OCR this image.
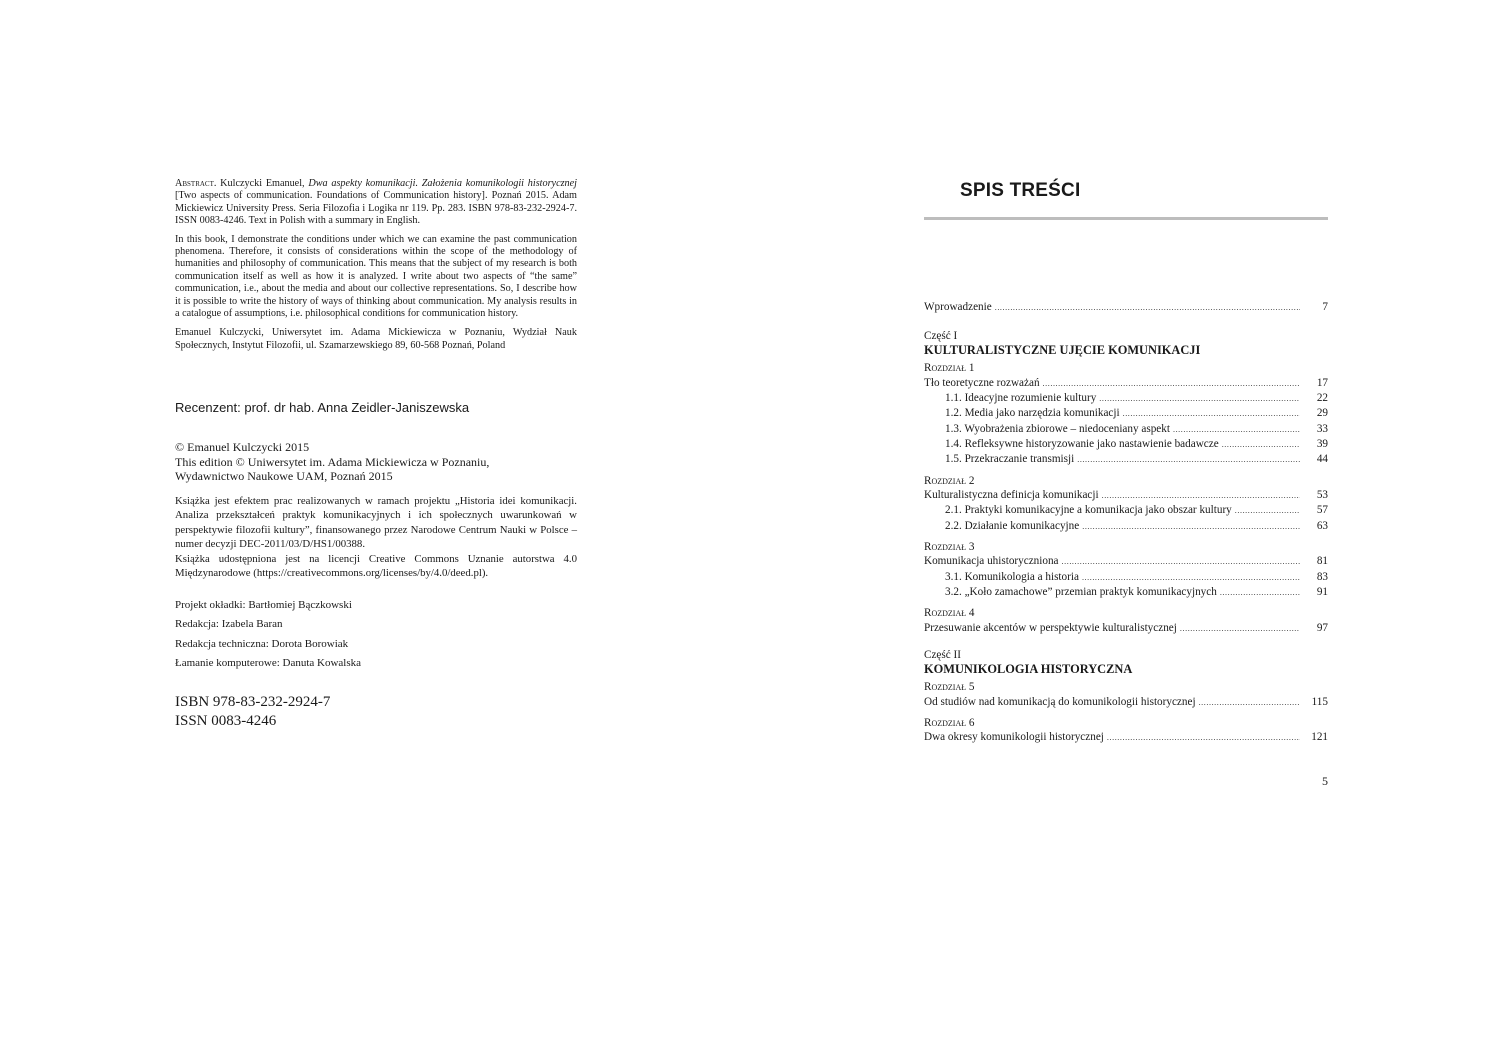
Abstract. Kulczycki Emanuel, Dwa aspekty komunikacji. Założenia komunikologii historycznej [Two aspects of communication. Foundations of Communication history]. Poznań 2015. Adam Mickiewicz University Press. Seria Filozofia i Logika nr 119. Pp. 283. ISBN 978-83-232-2924-7. ISSN 0083-4246. Text in Polish with a summary in English.

In this book, I demonstrate the conditions under which we can examine the past communication phenomena. Therefore, it consists of considerations within the scope of the methodology of humanities and philosophy of communication. This means that the subject of my research is both communication itself as well as how it is analyzed. I write about two aspects of “the same” communication, i.e., about the media and about our collective representations. So, I describe how it is possible to write the history of ways of thinking about communication. My analysis results in a catalogue of assumptions, i.e. philosophical conditions for communication history.

Emanuel Kulczycki, Uniwersytet im. Adama Mickiewicza w Poznaniu, Wydział Nauk Społecznych, Instytut Filozofii, ul. Szamarzewskiego 89, 60-568 Poznań, Poland

Recenzent: prof. dr hab. Anna Zeidler-Janiszewska
© Emanuel Kulczycki 2015
This edition © Uniwersytet im. Adama Mickiewicza w Poznaniu,
Wydawnictwo Naukowe UAM, Poznań 2015
Książka jest efektem prac realizowanych w ramach projektu „Historia idei komunikacji. Analiza przekształceń praktyk komunikacyjnych i ich społecznych uwarunkowań w perspektywie filozofii kultury”, finansowanego przez Narodowe Centrum Nauki w Polsce – numer decyzji DEC-2011/03/D/HS1/00388.
Książka udostępniona jest na licencji Creative Commons Uznanie autorstwa 4.0 Międzynarodowe (https://creativecommons.org/licenses/by/4.0/deed.pl).
Projekt okładki: Bartłomiej Bączkowski
Redakcja: Izabela Baran
Redakcja techniczna: Dorota Borowiak
Łamanie komputerowe: Danuta Kowalska
ISBN 978-83-232-2924-7
ISSN 0083-4246
SPIS TREŚCI
Wprowadzenie .....	7
Część I
KULTURALISTYCZNE UJĘCIE KOMUNIKACJI
Rozdział 1
Tło teoretyczne rozważań .....	17
1.1. Ideacyjne rozumienie kultury .....	22
1.2. Media jako narzędzia komunikacji .....	29
1.3. Wyobrażenia zbiorowe – niedoceniany aspekt .....	33
1.4. Refleksywne historyzowanie jako nastawienie badawcze .....	39
1.5. Przekraczanie transmisji .....	44
Rozdział 2
Kulturalistyczna definicja komunikacji .....	53
2.1. Praktyki komunikacyjne a komunikacja jako obszar kultury .....	57
2.2. Działanie komunikacyjne .....	63
Rozdział 3
Komunikacja uhistoryczniona .....	81
3.1. Komunikologia a historia .....	83
3.2. „Koło zamachowe” przemian praktyk komunikacyjnych .....	91
Rozdział 4
Przesuwanie akcentów w perspektywie kulturalistycznej .....	97
Część II
KOMUNIKOLOGIA HISTORYCZNA
Rozdział 5
Od studiów nad komunikacją do komunikologii historycznej .....	115
Rozdział 6
Dwa okresy komunikologii historycznej .....	121
5
